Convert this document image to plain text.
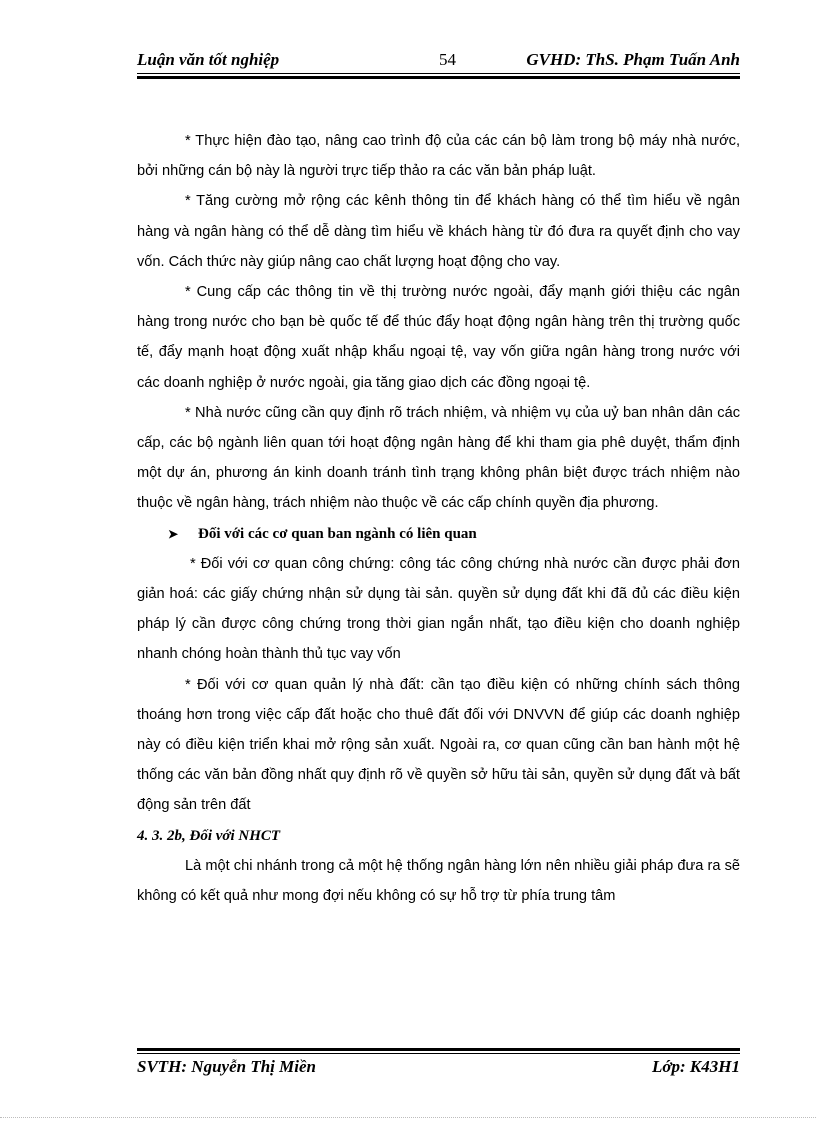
Luận văn tốt nghiệp	54	GVHD: ThS. Phạm Tuấn Anh

* Thực hiện đào tạo, nâng cao trình độ của các cán bộ làm trong bộ máy nhà nước, bởi những cán bộ này là người trực tiếp thảo ra các văn bản pháp luật.

* Tăng cường mở rộng các kênh thông tin để khách hàng có thể tìm hiểu về ngân hàng và ngân hàng có thể dễ dàng tìm hiểu về khách hàng từ đó đưa ra quyết định cho vay vốn. Cách thức này giúp nâng cao chất lượng hoạt động cho vay.

* Cung cấp các thông tin về thị trường nước ngoài, đẩy mạnh giới thiệu các ngân hàng trong nước cho bạn bè quốc tế để thúc đẩy hoạt động ngân hàng trên thị trường quốc tế, đẩy mạnh hoạt động xuất nhập khẩu ngoại tệ, vay vốn giữa ngân hàng trong nước với các doanh nghiệp ở nước ngoài, gia tăng giao dịch các đồng ngoại tệ.

* Nhà nước cũng cần quy định rõ trách nhiệm, và nhiệm vụ của uỷ ban nhân dân các cấp, các bộ ngành liên quan tới hoạt động ngân hàng để khi tham gia phê duyệt, thẩm định một dự án, phương án kinh doanh tránh tình trạng không phân biệt được trách nhiệm nào thuộc về ngân hàng, trách nhiệm nào thuộc về các cấp chính quyền địa phương.

➤ Đối với các cơ quan ban ngành có liên quan

* Đối với cơ quan công chứng: công tác công chứng nhà nước cần được phải đơn giản hoá: các giấy chứng nhận sử dụng tài sản. quyền sử dụng đất khi đã đủ các điều kiện pháp lý cần được công chứng trong thời gian ngắn nhất, tạo điều kiện cho doanh nghiệp nhanh chóng hoàn thành thủ tục vay vốn

* Đối với cơ quan quản lý nhà đất: cần tạo điều kiện có những chính sách thông thoáng hơn trong việc cấp đất hoặc cho thuê đất đối với DNVVN để giúp các doanh nghiệp này có điều kiện triển khai mở rộng sản xuất. Ngoài ra, cơ quan cũng cần ban hành một hệ thống các văn bản đồng nhất quy định rõ về quyền sở hữu tài sản, quyền sử dụng đất và bất động sản trên đất

4. 3. 2b, Đối với NHCT

Là một chi nhánh trong cả một hệ thống ngân hàng lớn nên nhiều giải pháp đưa ra sẽ không có kết quả như mong đợi nếu không có sự hỗ trợ từ phía trung tâm

SVTH: Nguyễn Thị Miền	Lớp: K43H1
